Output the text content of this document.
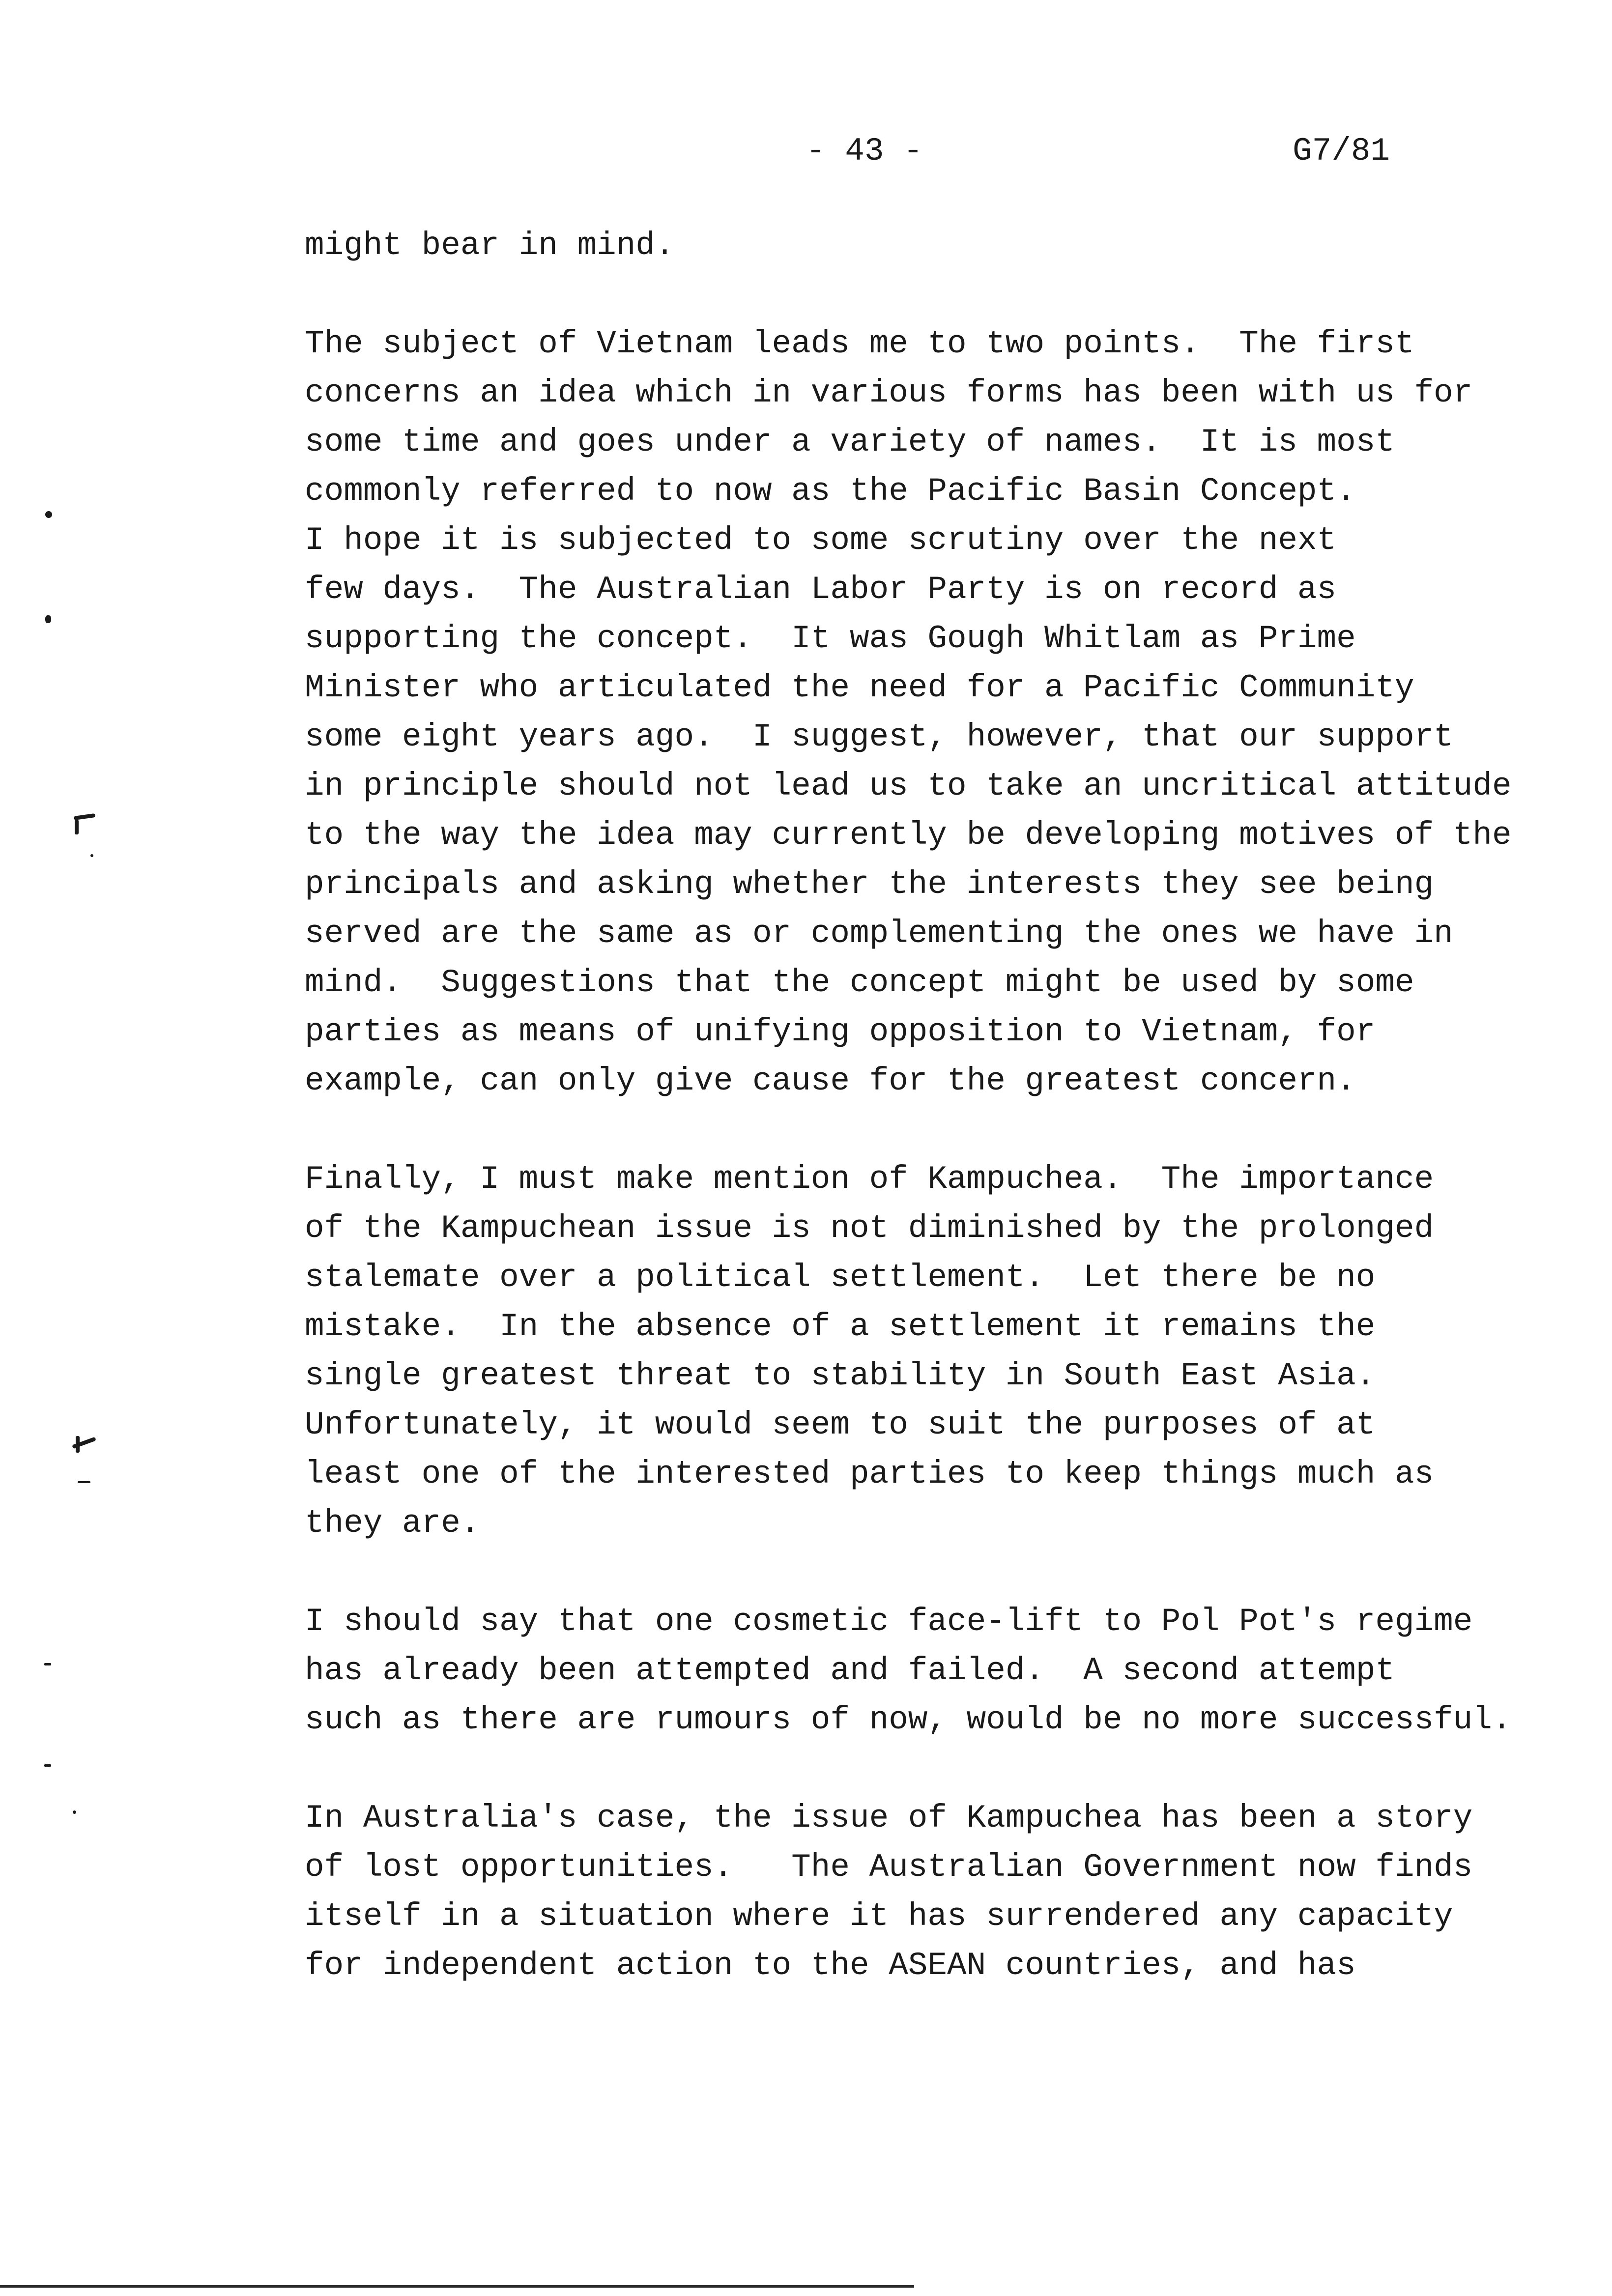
- 43 -	G7/81
might bear in mind.
The subject of Vietnam leads me to two points.  The first
concerns an idea which in various forms has been with us for
some time and goes under a variety of names.  It is most
commonly referred to now as the Pacific Basin Concept.
I hope it is subjected to some scrutiny over the next
few days.  The Australian Labor Party is on record as
supporting the concept.  It was Gough Whitlam as Prime
Minister who articulated the need for a Pacific Community
some eight years ago.  I suggest, however, that our support
in principle should not lead us to take an uncritical attitude
to the way the idea may currently be developing motives of the
principals and asking whether the interests they see being
served are the same as or complementing the ones we have in
mind.  Suggestions that the concept might be used by some
parties as means of unifying opposition to Vietnam, for
example, can only give cause for the greatest concern.
Finally, I must make mention of Kampuchea.  The importance
of the Kampuchean issue is not diminished by the prolonged
stalemate over a political settlement.  Let there be no
mistake.  In the absence of a settlement it remains the
single greatest threat to stability in South East Asia.
Unfortunately, it would seem to suit the purposes of at
least one of the interested parties to keep things much as
they are.
I should say that one cosmetic face-lift to Pol Pot's regime
has already been attempted and failed.  A second attempt
such as there are rumours of now, would be no more successful.
In Australia's case, the issue of Kampuchea has been a story
of lost opportunities.   The Australian Government now finds
itself in a situation where it has surrendered any capacity
for independent action to the ASEAN countries, and has
